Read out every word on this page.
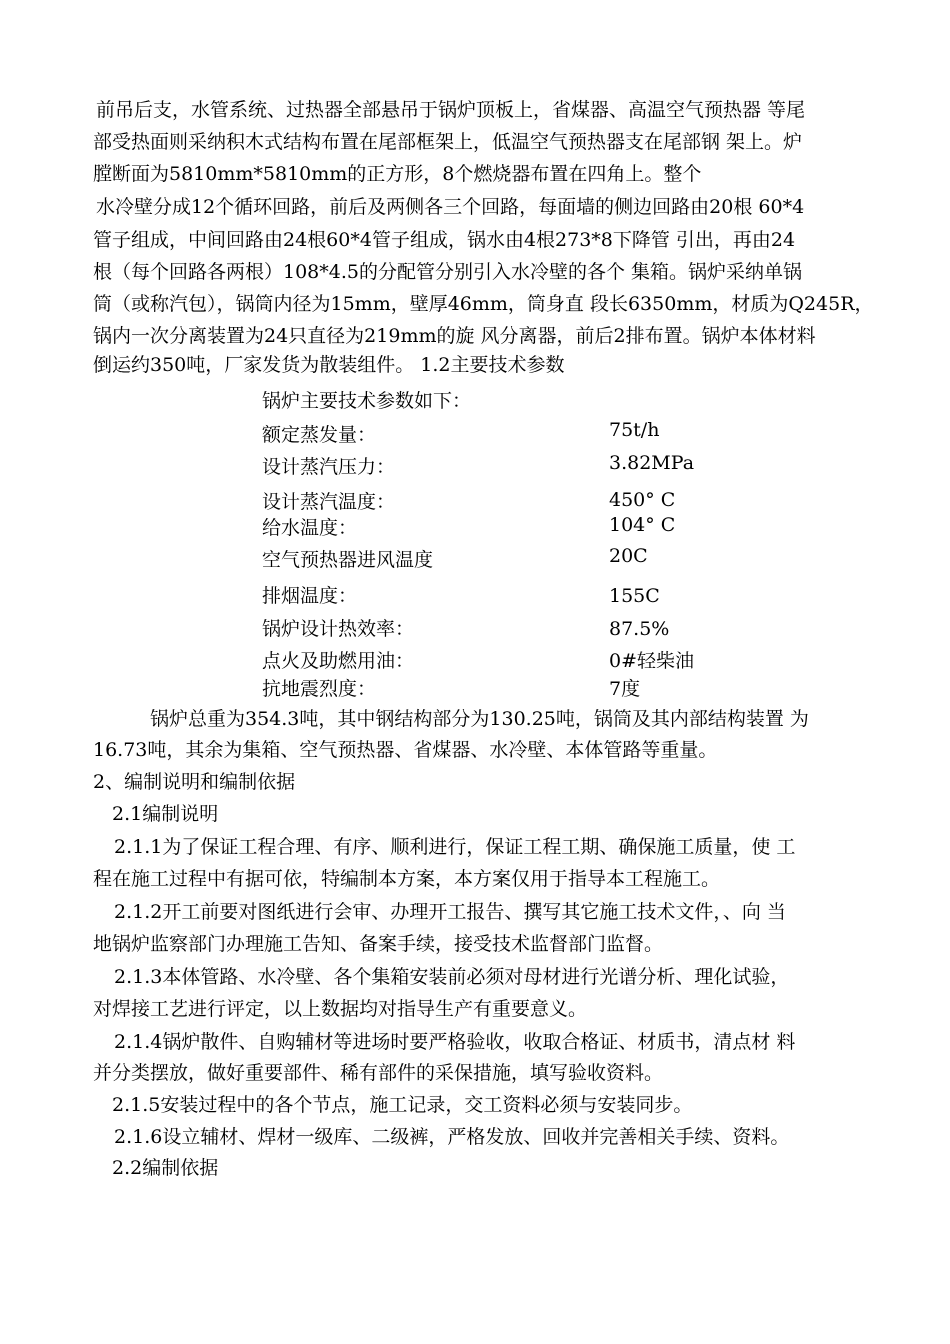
前吊后支，水管系统、过热器全部悬吊于锅炉顶板上，省煤器、高温空气预热器 等尾
部受热面则采纳积木式结构布置在尾部框架上，低温空气预热器支在尾部钢 架上。炉
膛断面为5810mm*5810mm的正方形，8个燃烧器布置在四角上。整个
水冷壁分成12个循环回路，前后及两侧各三个回路，每面墙的侧边回路由20根 60*4
管子组成，中间回路由24根60*4管子组成，锅水由4根273*8下降管 引出，再由24
根（每个回路各两根）108*4.5的分配管分别引入水冷壁的各个 集箱。锅炉采纳单锅
筒（或称汽包），锅筒内径为15mm，壁厚46mm，筒身直 段长6350mm，材质为Q245R，
锅内一次分离装置为24只直径为219mm的旋 风分离器，前后2排布置。锅炉本体材料
倒运约350吨，厂家发货为散装组件。 1.2主要技术参数
锅炉主要技术参数如下：
额定蒸发量：	75t/h
设计蒸汽压力：	3.82MPa
设计蒸汽温度：	450° C
给水温度：	104° C
空气预热器进风温度	20C
排烟温度：	155C
锅炉设计热效率：	87.5%
点火及助燃用油：	0#轻柴油
抗地震烈度：	7度
锅炉总重为354.3吨，其中钢结构部分为130.25吨，锅筒及其内部结构装置 为
16.73吨，其余为集箱、空气预热器、省煤器、水冷壁、本体管路等重量。
2、编制说明和编制依据
2.1编制说明
2.1.1为了保证工程合理、有序、顺利进行，保证工程工期、确保施工质量，使 工
程在施工过程中有据可依，特编制本方案，本方案仅用于指导本工程施工。
2.1.2开工前要对图纸进行会审、办理开工报告、撰写其它施工技术文件，、向 当
地锅炉监察部门办理施工告知、备案手续，接受技术监督部门监督。
2.1.3本体管路、水冷壁、各个集箱安装前必须对母材进行光谱分析、理化试验，
对焊接工艺进行评定，以上数据均对指导生产有重要意义。
2.1.4锅炉散件、自购辅材等进场时要严格验收，收取合格证、材质书，清点材 料
并分类摆放，做好重要部件、稀有部件的采保措施，填写验收资料。
2.1.5安装过程中的各个节点，施工记录，交工资料必须与安装同步。
2.1.6设立辅材、焊材一级库、二级裤，严格发放、回收并完善相关手续、资料。
2.2编制依据
